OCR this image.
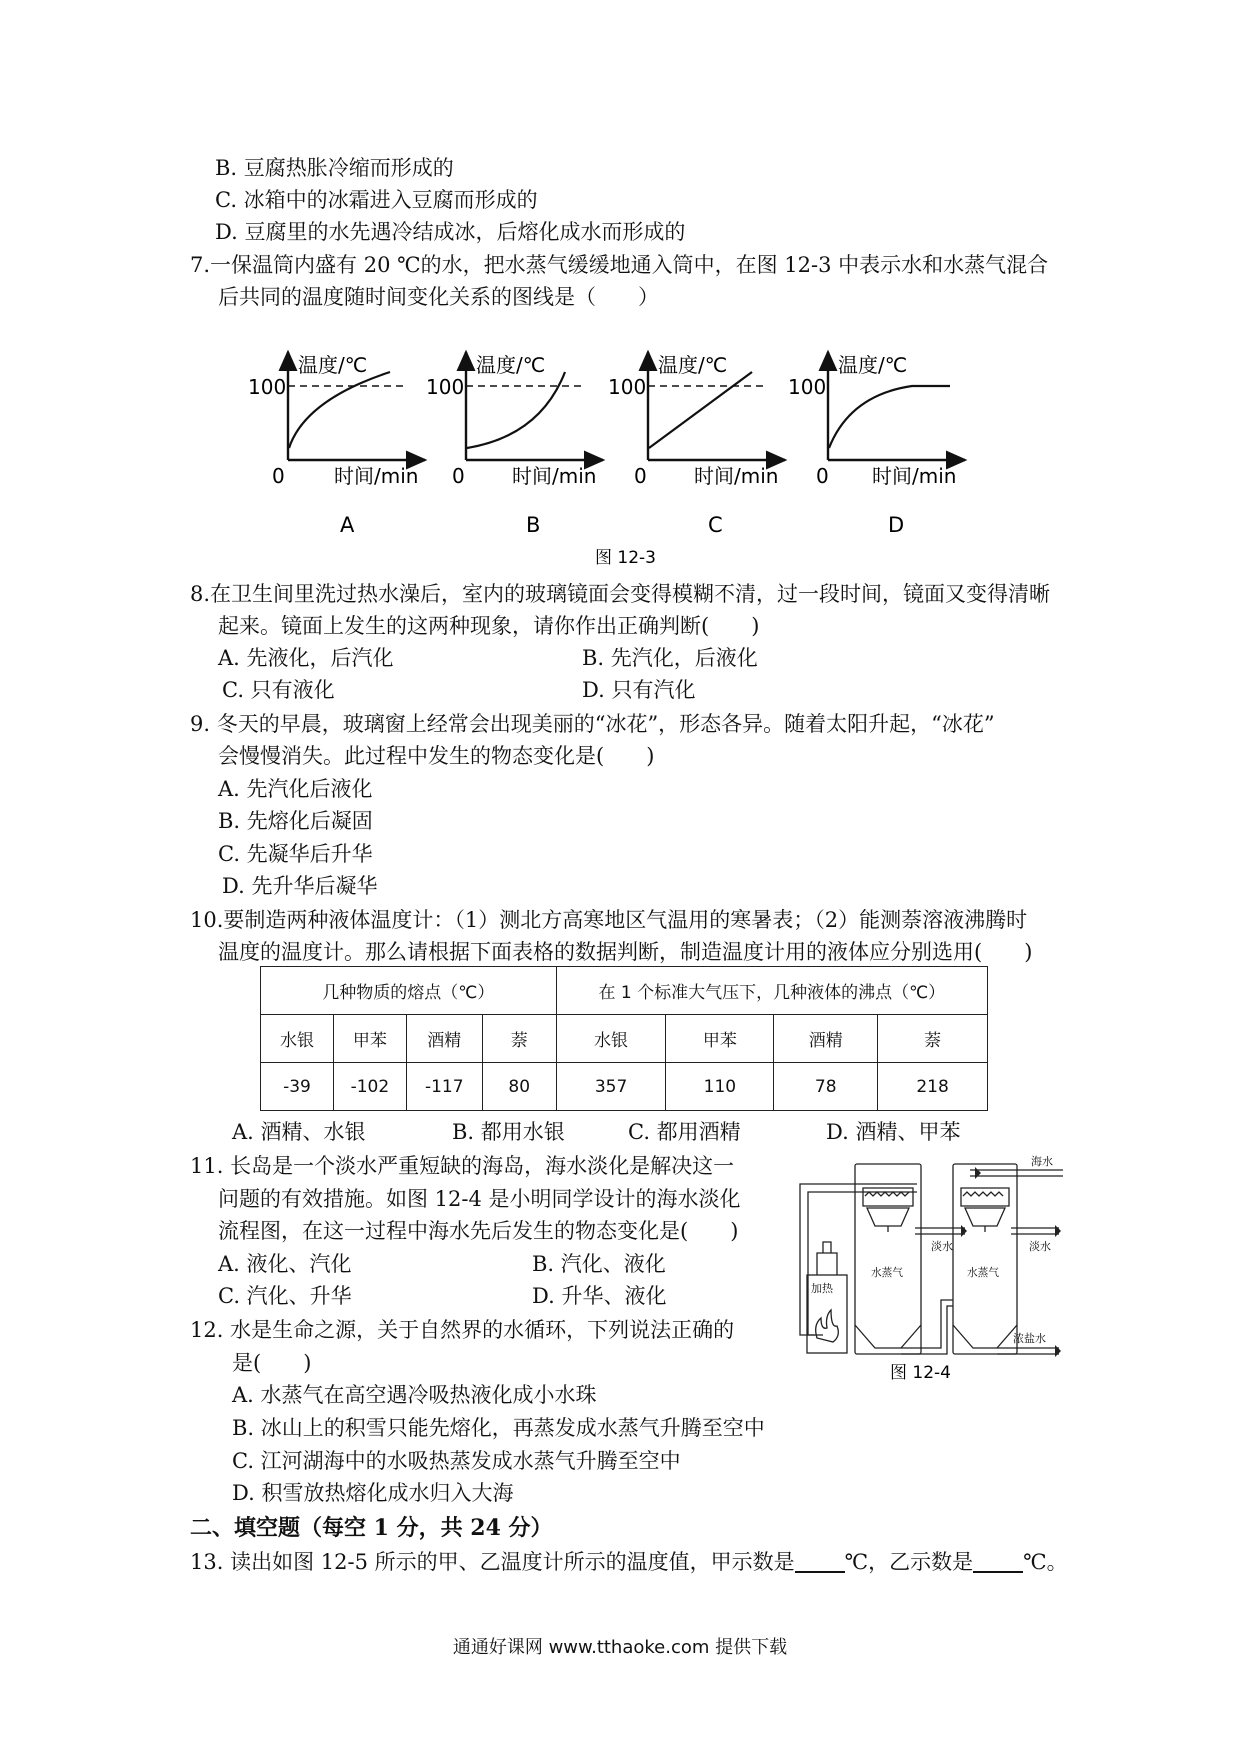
B. 豆腐热胀冷缩而形成的
C. 冰箱中的冰霜进入豆腐而形成的
D. 豆腐里的水先遇冷结成冰，后熔化成水而形成的
7.一保温筒内盛有 20 ℃的水，把水蒸气缓缓地通入筒中，在图 12-3 中表示水和水蒸气混合
后共同的温度随时间变化关系的图线是（　　）
温度/℃
100
0 时间/min
A
温度/℃
100
0 时间/min
B
温度/℃
100
0 时间/min
C
温度/℃
100
0 时间/min
D
图 12-3
8.在卫生间里洗过热水澡后，室内的玻璃镜面会变得模糊不清，过一段时间，镜面又变得清晰
起来。镜面上发生的这两种现象，请你作出正确判断(　　)
A. 先液化，后汽化	B. 先汽化，后液化
C. 只有液化	D. 只有汽化
9. 冬天的早晨，玻璃窗上经常会出现美丽的“冰花”，形态各异。随着太阳升起，“冰花”
会慢慢消失。此过程中发生的物态变化是(　　)
A. 先汽化后液化
B. 先熔化后凝固
C. 先凝华后升华
D. 先升华后凝华
10.要制造两种液体温度计：（1）测北方高寒地区气温用的寒暑表；（2）能测萘溶液沸腾时
温度的温度计。那么请根据下面表格的数据判断，制造温度计用的液体应分别选用(　　)
几种物质的熔点（℃）				在 1 个标准大气压下，几种液体的沸点（℃）			
水银	甲苯	酒精	萘	水银	甲苯	酒精	萘
-39	-102	-117	80	357	110	78	218
A. 酒精、水银	B. 都用水银	C. 都用酒精	D. 酒精、甲苯
11. 长岛是一个淡水严重短缺的海岛，海水淡化是解决这一
问题的有效措施。如图 12-4 是小明同学设计的海水淡化
流程图，在这一过程中海水先后发生的物态变化是(　　)
A. 液化、汽化	B. 汽化、液化
C. 汽化、升华	D. 升华、液化
海水
淡水	淡水
加热
水蒸气	水蒸气
浓盐水
图 12-4
12. 水是生命之源，关于自然界的水循环，下列说法正确的
是(　　)
A. 水蒸气在高空遇冷吸热液化成小水珠
B. 冰山上的积雪只能先熔化，再蒸发成水蒸气升腾至空中
C. 江河湖海中的水吸热蒸发成水蒸气升腾至空中
D. 积雪放热熔化成水归入大海
二、填空题（每空 1 分，共 24 分）
13. 读出如图 12-5 所示的甲、乙温度计所示的温度值，甲示数是 ℃，乙示数是 ℃。
通通好课网 www.tthaoke.com 提供下载
